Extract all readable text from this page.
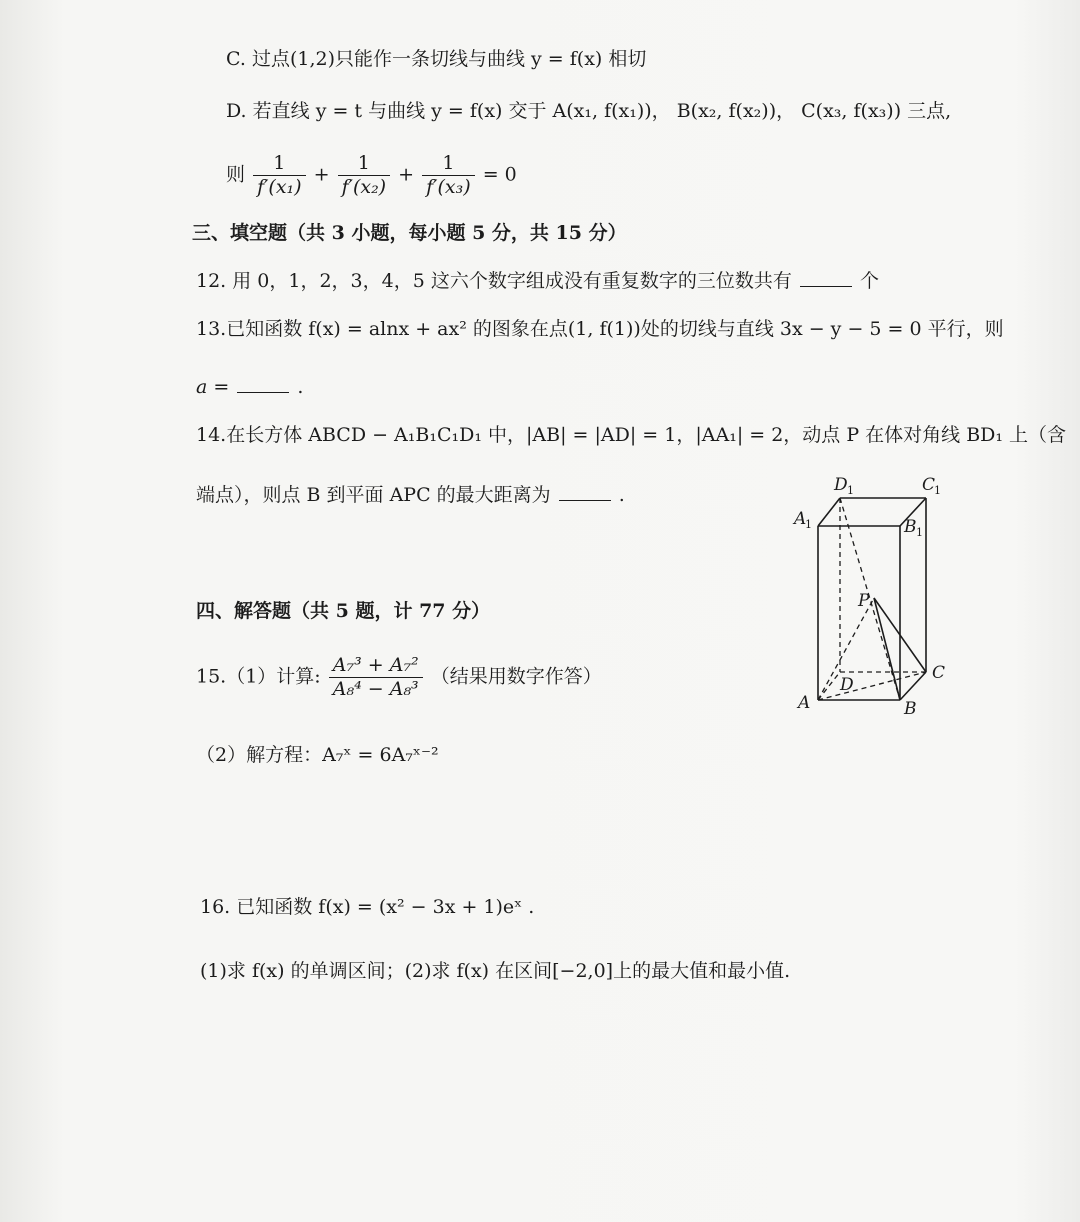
C. 过点(1,2)只能作一条切线与曲线 y = f(x) 相切
D. 若直线 y = t 与曲线 y = f(x) 交于 A(x₁, f(x₁))， B(x₂, f(x₂))， C(x₃, f(x₃)) 三点,
则 $\frac{1}{\text{f′(x₁)}} + \frac{1}{\text{f′(x₂)}} + \frac{1}{\text{f′(x₃)}} = 0$
三、填空题（共 3 小题，每小题 5 分，共 15 分）
12. 用 0，1，2，3，4，5 这六个数字组成没有重复数字的三位数共有	个
13.已知函数 f(x) = alnx + ax² 的图象在点(1, f(1))处的切线与直线 3x − y − 5 = 0 平行，则
a =	.
14.在长方体 ABCD − A₁B₁C₁D₁ 中，|AB| = |AD| = 1，|AA₁| = 2，动点 P 在体对角线 BD₁ 上（含
端点），则点 B 到平面 APC 的最大距离为	.	D 1	C
1
A
1	B 1
P
D
C
A	B
四、解答题（共 5 题，计 77 分）
15.（1）计算: $\frac{\text{A₇³ + A₇²}}{\text{A₈⁴ − A₈³}}$ （结果用数字作答）
（2）解方程：A₇ˣ = 6A₇ˣ⁻²
16. 已知函数 f(x) = (x² − 3x + 1)eˣ .
(1)求 f(x) 的单调区间；(2)求 f(x) 在区间[−2,0]上的最大值和最小值.
